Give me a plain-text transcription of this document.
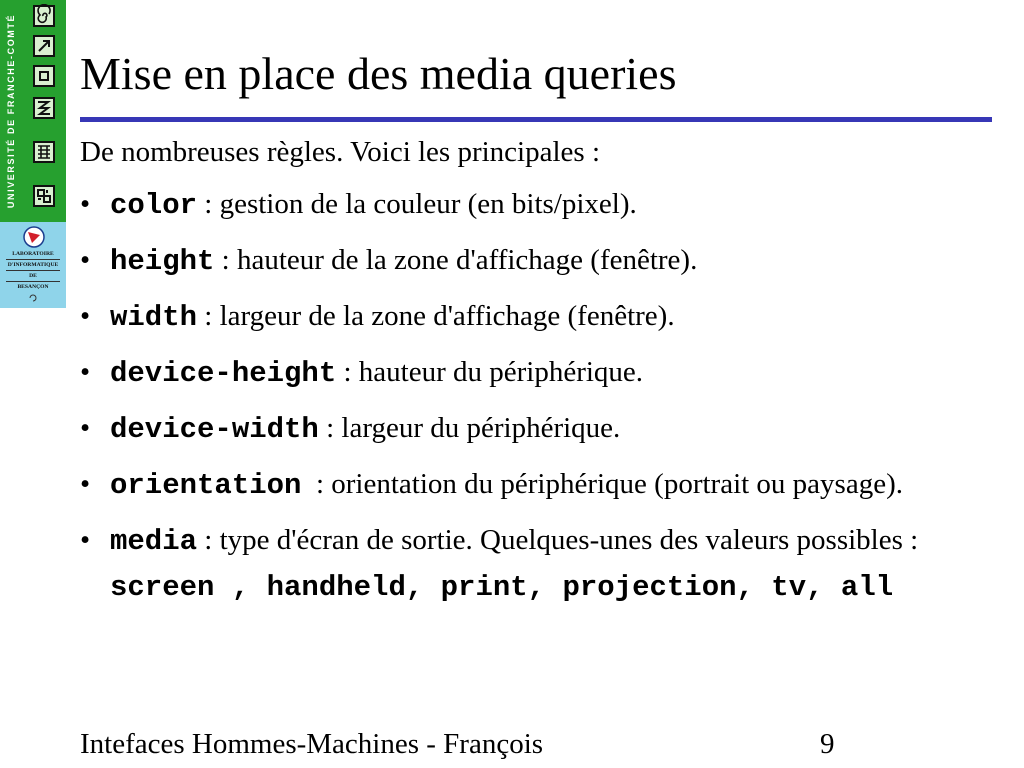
UNIVERSITÉ DE FRANCHE-COMTÉ
LABORATOIRE
D'INFORMATIQUE
DE
BESANÇON
Mise en place des media queries
De nombreuses règles. Voici les principales :
• color : gestion de la couleur (en bits/pixel).
• height : hauteur de la zone d'affichage (fenêtre).
• width : largeur de la zone d'affichage (fenêtre).
• device-height : hauteur du périphérique.
• device-width : largeur du périphérique.
• orientation  : orientation du périphérique (portrait ou paysage).
• media : type d'écran de sortie. Quelques-unes des valeurs possibles : screen , handheld, print, projection, tv, all
Intefaces Hommes-Machines - François	9
